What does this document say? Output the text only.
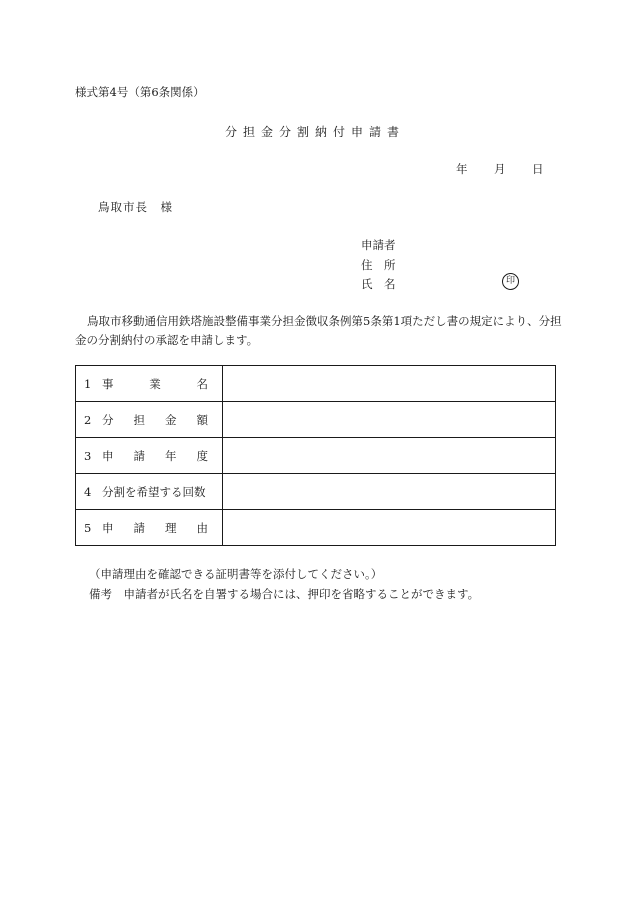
様式第4号（第6条関係）
分担金分割納付申請書
年 月 日
鳥取市長　様
申請者
住　所
氏　名	印
鳥取市移動通信用鉄塔施設整備事業分担金徴収条例第5条第1項ただし書の規定により、分担金の分割納付の承認を申請します。
1 事 業 名	

2 分 担 金 額	

3 申 請 年 度	

4 分割を希望する回数	

5 申 請 理 由	

（申請理由を確認できる証明書等を添付してください。）
備考　申請者が氏名を自署する場合には、押印を省略することができます。
